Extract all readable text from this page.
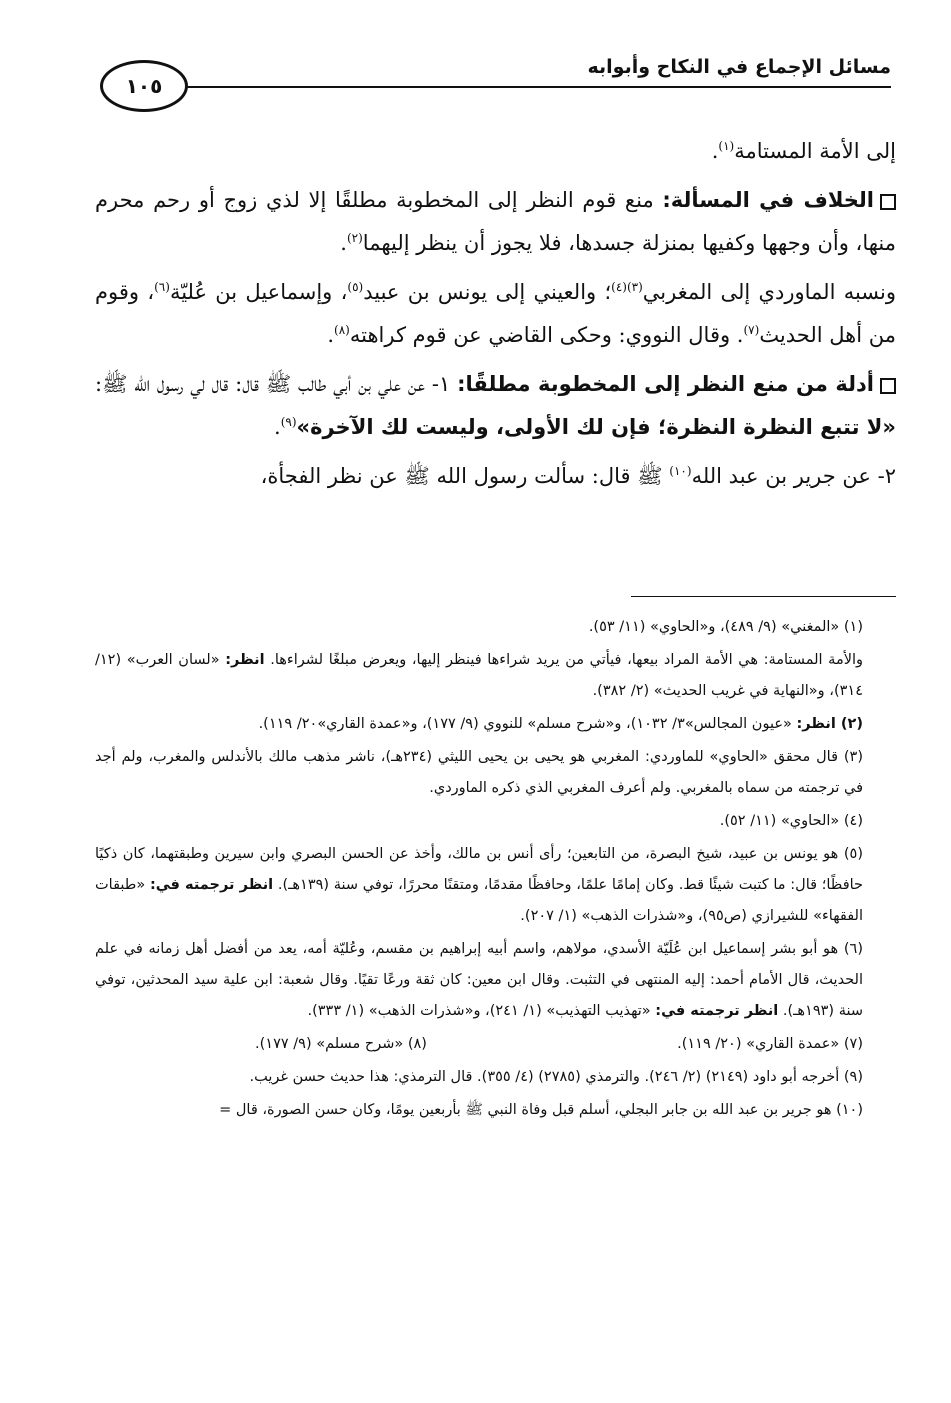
مسائل الإجماع في النكاح وأبوابه
١٠٥

إلى الأمة المستامة$^{(١)}$.

الخلاف في المسألة: منع قوم النظر إلى المخطوبة مطلقًا إلا لذي زوج أو رحم محرم منها، وأن وجهها وكفيها بمنزلة جسدها، فلا يجوز أن ينظر إليهما$^{(٢)}$.

ونسبه الماوردي إلى المغربي$^{(٣)(٤)}$؛ والعيني إلى يونس بن عبيد$^{(٥)}$، وإسماعيل بن عُليّة$^{(٦)}$، وقوم من أهل الحديث$^{(٧)}$. وقال النووي: وحكى القاضي عن قوم كراهته$^{(٨)}$.

أدلة من منع النظر إلى المخطوبة مطلقًا: ١- عن علي بن أبي طالب ﷺ قال: قال لي رسول الله ﷺ: «لا تتبع النظرة النظرة؛ فإن لك الأولى، وليست لك الآخرة»$^{(٩)}$.

٢- عن جرير بن عبد الله$^{(١٠)}$ ﷺ قال: سألت رسول الله ﷺ عن نظر الفجأة،

(١) «المغني» (٩/ ٤٨٩)، و«الحاوي» (١١/ ٥٣).
والأمة المستامة: هي الأمة المراد بيعها، فيأتي من يريد شراءها فينظر إليها، ويعرض مبلغًا لشراءها. انظر: «لسان العرب» (١٢/ ٣١٤)، و«النهاية في غريب الحديث» (٢/ ٣٨٢).
(٢) انظر: «عيون المجالس»٣/ ١٠٣٢)، و«شرح مسلم» للنووي (٩/ ١٧٧)، و«عمدة القاري»٢٠/ ١١٩).
(٣) قال محقق «الحاوي» للماوردي: المغربي هو يحيى بن يحيى الليثي (٢٣٤هـ)، ناشر مذهب مالك بالأندلس والمغرب، ولم أجد في ترجمته من سماه بالمغربي. ولم أعرف المغربي الذي ذكره الماوردي.
(٤) «الحاوي» (١١/ ٥٢).
(٥) هو يونس بن عبيد، شيخ البصرة، من التابعين؛ رأى أنس بن مالك، وأخذ عن الحسن البصري وابن سيرين وطبقتهما، كان ذكيًا حافظًا؛ قال: ما كتبت شيئًا قط. وكان إمامًا علمًا، وحافظًا مقدمًا، ومتقنًا محررًا، توفي سنة (١٣٩هـ). انظر ترجمته في: «طبقات الفقهاء» للشيرازي (ص٩٥)، و«شذرات الذهب» (١/ ٢٠٧).
(٦) هو أبو بشر إسماعيل ابن عُلَيّة الأسدي، مولاهم، واسم أبيه إبراهيم بن مقسم، وعُليّة أمه، يعد من أفضل أهل زمانه في علم الحديث، قال الأمام أحمد: إليه المنتهى في التثبت. وقال ابن معين: كان ثقة ورعًا تقيًا. وقال شعبة: ابن علية سيد المحدثين، توفي سنة (١٩٣هـ). انظر ترجمته في: «تهذيب التهذيب» (١/ ٢٤١)، و«شذرات الذهب» (١/ ٣٣٣).
(٧) «عمدة القاري» (٢٠/ ١١٩).
(٨) «شرح مسلم» (٩/ ١٧٧).
(٩) أخرجه أبو داود (٢١٤٩) (٢/ ٢٤٦). والترمذي (٢٧٨٥) (٤/ ٣٥٥). قال الترمذي: هذا حديث حسن غريب.
(١٠) هو جرير بن عبد الله بن جابر البجلي، أسلم قبل وفاة النبي ﷺ بأربعين يومًا، وكان حسن الصورة، قال =
